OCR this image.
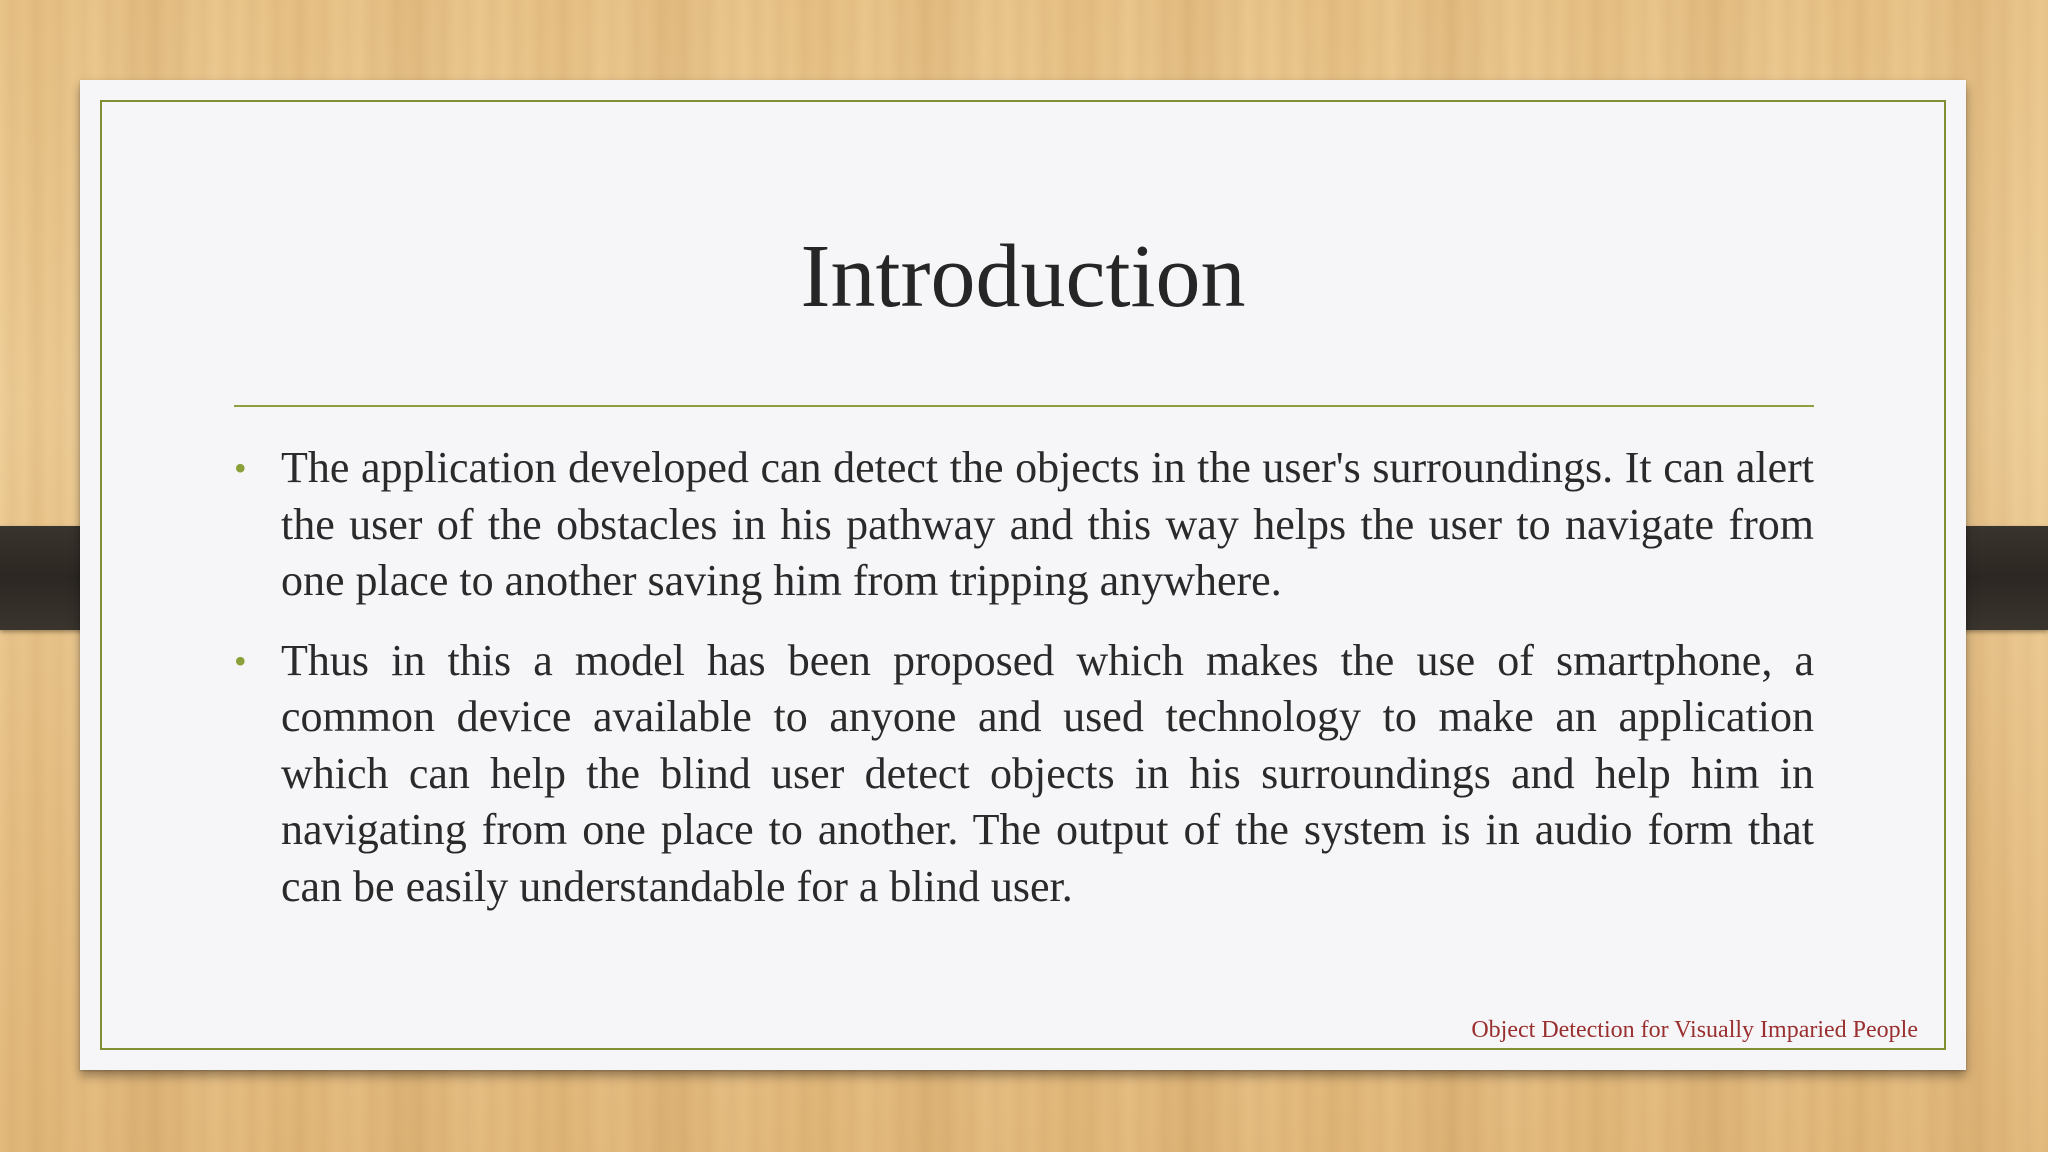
Introduction
• The application developed can detect the objects in the user's surroundings. It can alert the user of the obstacles in his pathway and this way helps the user to navigate from one place to another saving him from tripping anywhere.
• Thus in this a model has been proposed which makes the use of smartphone, a common device available to anyone and used technology to make an application which can help the blind user detect objects in his surroundings and help him in navigating from one place to another. The output of the system is in audio form that can be easily understandable for a blind user.
Object Detection for Visually Imparied People
